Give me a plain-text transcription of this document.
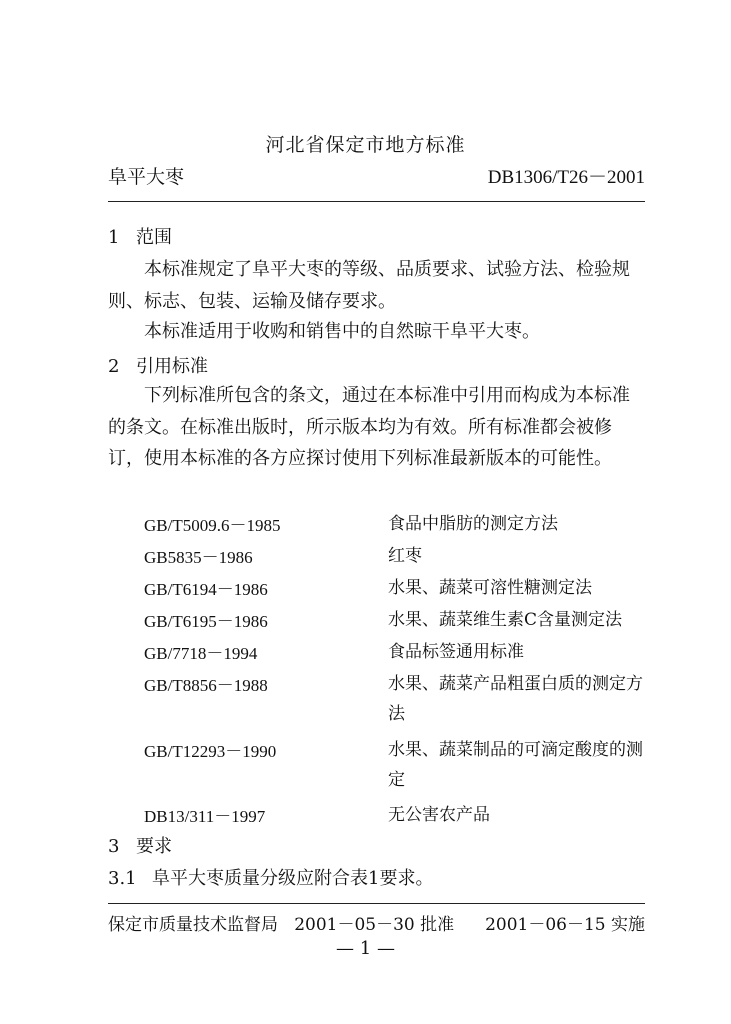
河北省保定市地方标准
阜平大枣	DB1306/T26－2001
1 范围

本标准规定了阜平大枣的等级、品质要求、试验方法、检验规则、标志、包装、运输及储存要求。

本标准适用于收购和销售中的自然晾干阜平大枣。

2 引用标准

下列标准所包含的条文，通过在本标准中引用而构成为本标准的条文。在标准出版时，所示版本均为有效。所有标准都会被修订，使用本标准的各方应探讨使用下列标准最新版本的可能性。

GB/T5009.6－1985	食品中脂肪的测定方法
GB5835－1986	红枣
GB/T6194－1986	水果、蔬菜可溶性糖测定法
GB/T6195－1986	水果、蔬菜维生素C含量测定法
GB/7718－1994	食品标签通用标准
GB/T8856－1988	水果、蔬菜产品粗蛋白质的测定方法
GB/T12293－1990	水果、蔬菜制品的可滴定酸度的测定
DB13/311－1997	无公害农产品
3 要求
3.1 阜平大枣质量分级应附合表1要求。
保定市质量技术监督局 2001－05－30 批准 2001－06－15 实施
— 1 —
